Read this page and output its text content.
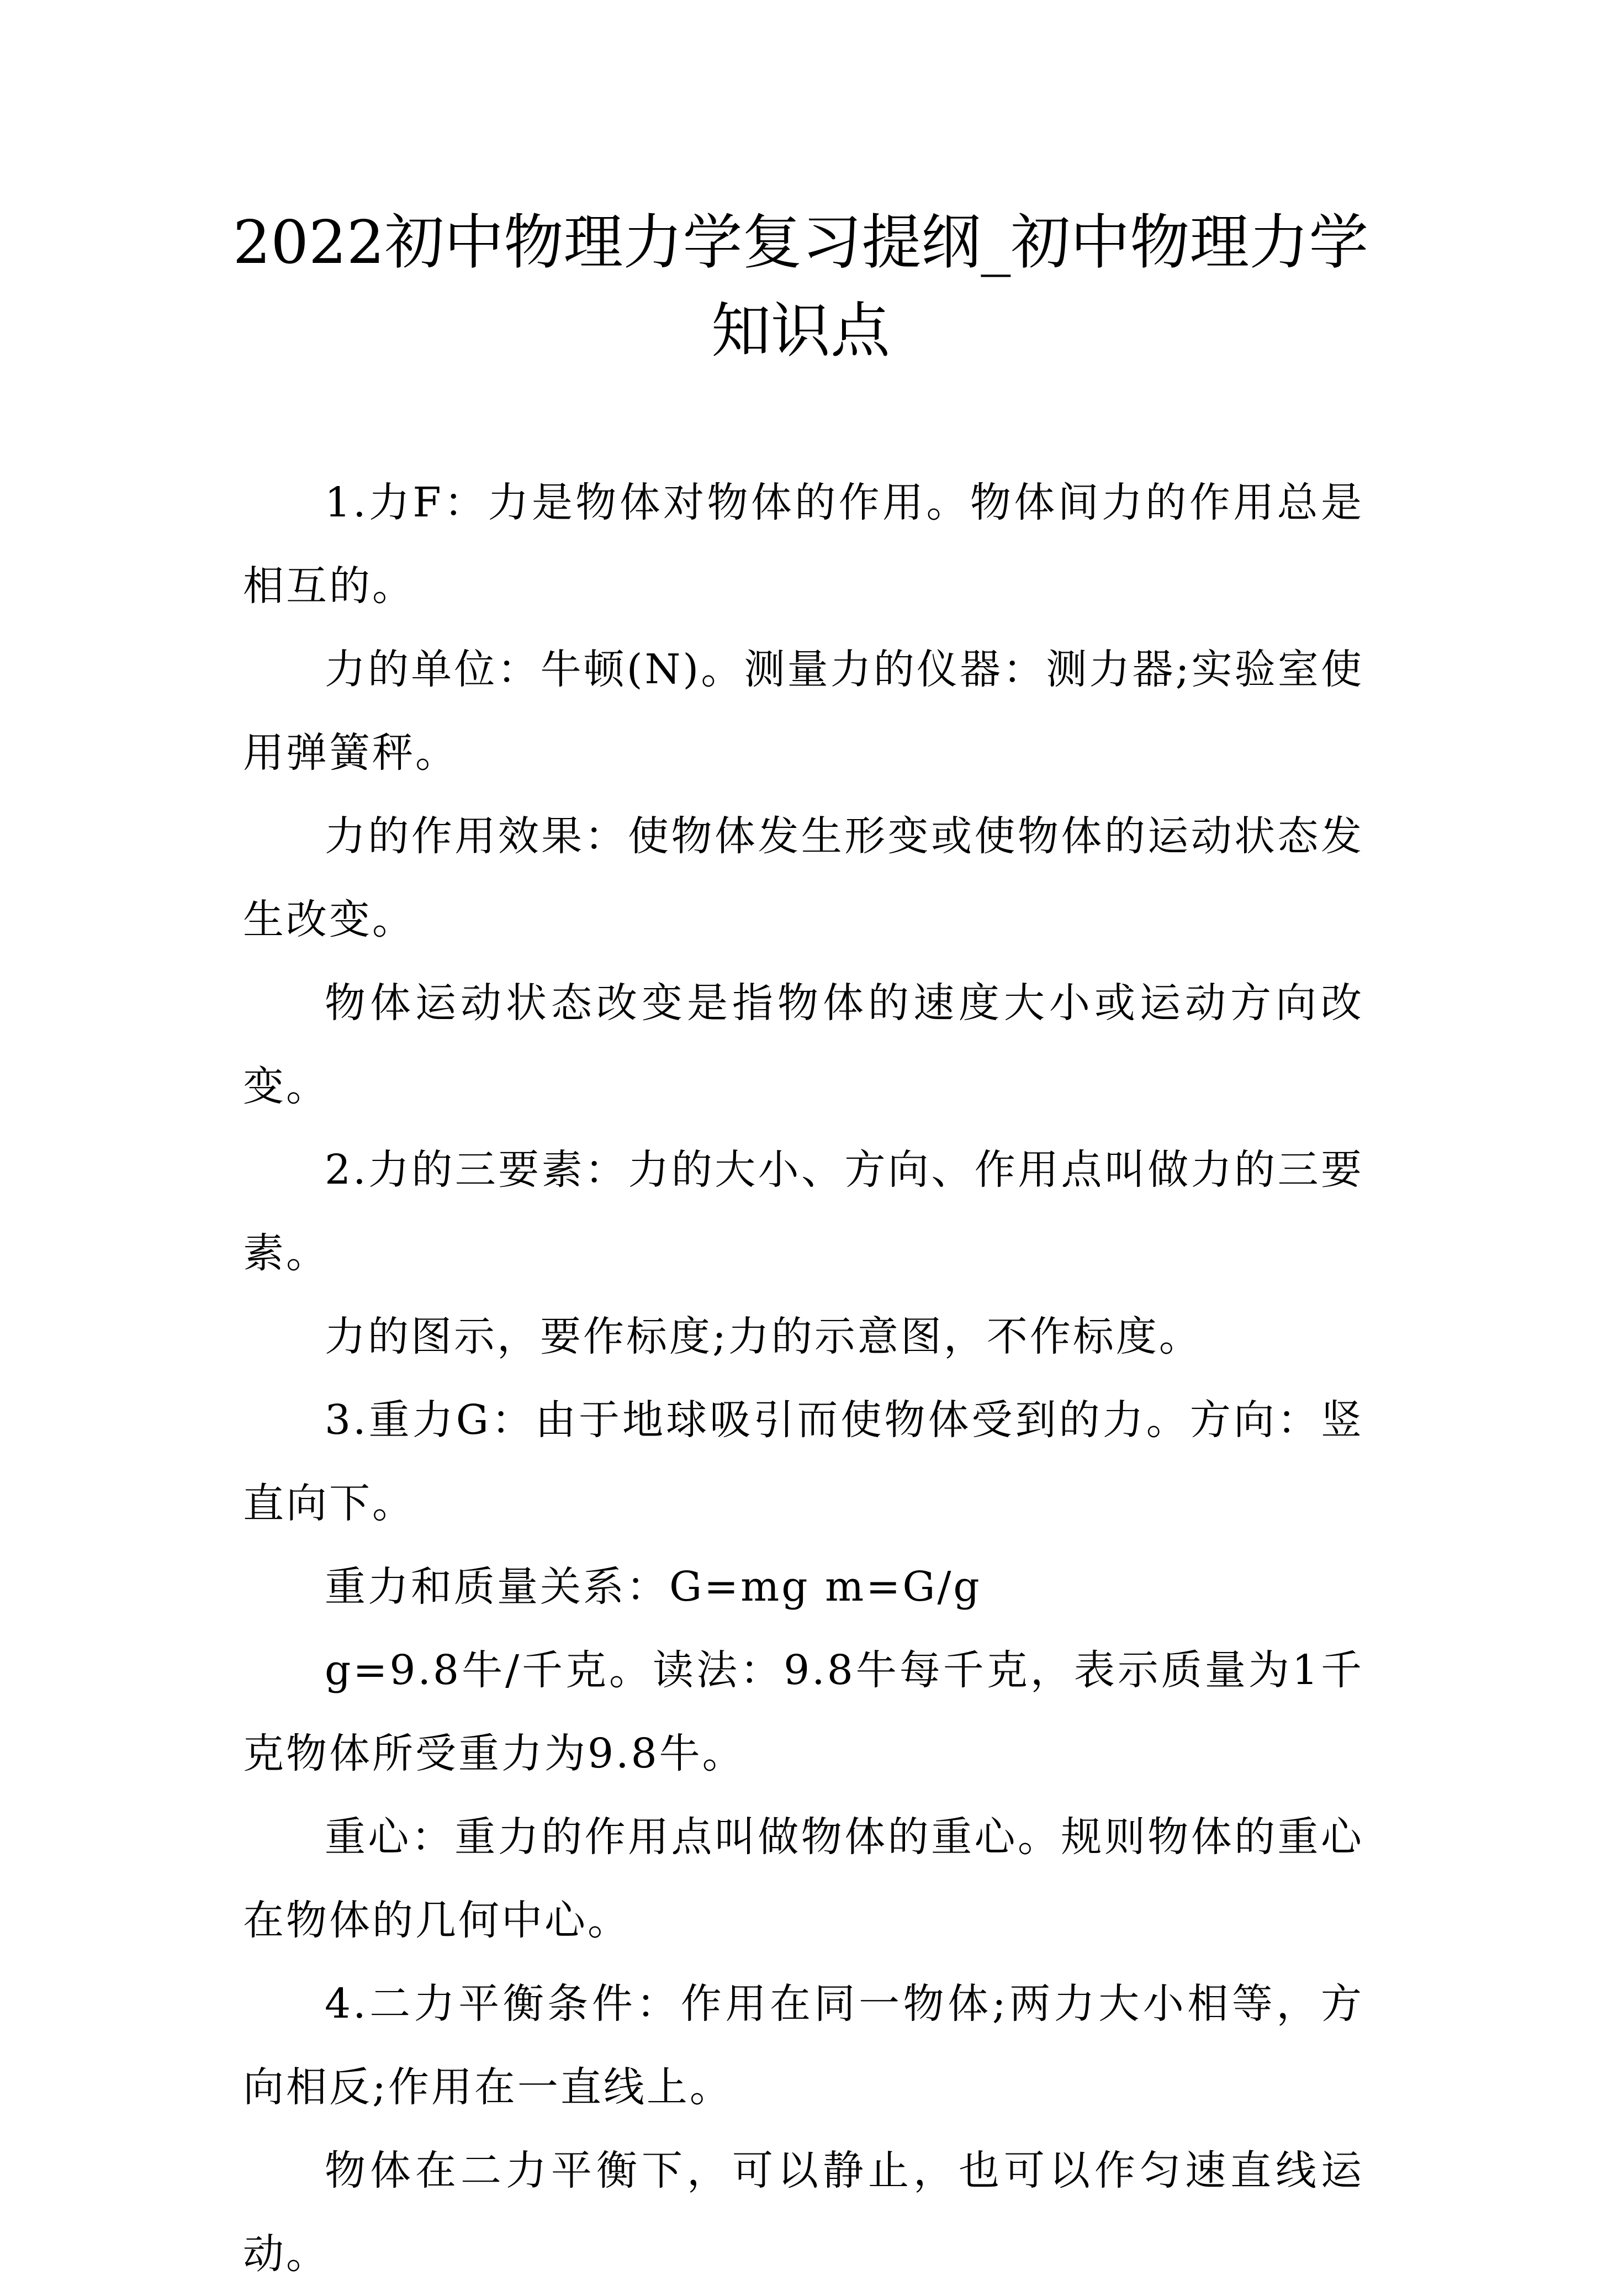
2022初中物理力学复习提纲_初中物理力学知识点

1.力F：力是物体对物体的作用。物体间力的作用总是相互的。

力的单位：牛顿(N)。测量力的仪器：测力器;实验室使用弹簧秤。

力的作用效果：使物体发生形变或使物体的运动状态发生改变。

物体运动状态改变是指物体的速度大小或运动方向改变。

2.力的三要素：力的大小、方向、作用点叫做力的三要素。

力的图示，要作标度;力的示意图，不作标度。

3.重力G：由于地球吸引而使物体受到的力。方向：竖直向下。

重力和质量关系：G=mg m=G/g

g=9.8牛/千克。读法：9.8牛每千克，表示质量为1千克物体所受重力为9.8牛。

重心：重力的作用点叫做物体的重心。规则物体的重心在物体的几何中心。

4.二力平衡条件：作用在同一物体;两力大小相等，方向相反;作用在一直线上。

物体在二力平衡下，可以静止，也可以作匀速直线运动。
